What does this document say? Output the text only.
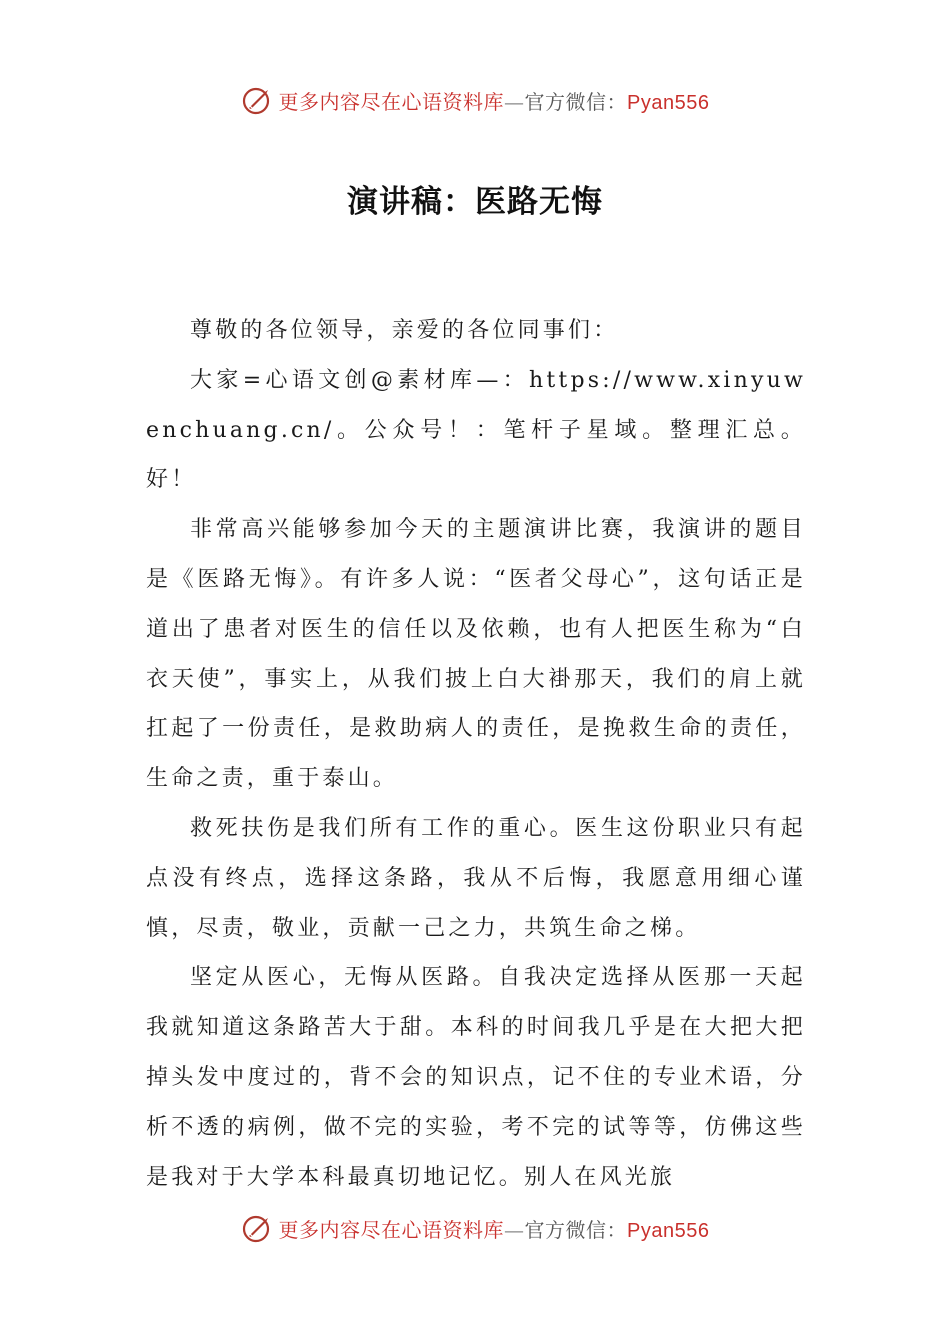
更多内容尽在心语资料库—官方微信：Pyan556
演讲稿：医路无悔

尊敬的各位领导，亲爱的各位同事们：

大家=心语文创@素材库—：https://www.xinyuwenchuang.cn/。公众号！：笔杆子星域。整理汇总。好！

非常高兴能够参加今天的主题演讲比赛，我演讲的题目是《医路无悔》。有许多人说：“医者父母心”，这句话正是道出了患者对医生的信任以及依赖，也有人把医生称为“白衣天使”，事实上，从我们披上白大褂那天，我们的肩上就扛起了一份责任，是救助病人的责任，是挽救生命的责任，生命之责，重于泰山。

救死扶伤是我们所有工作的重心。医生这份职业只有起点没有终点，选择这条路，我从不后悔，我愿意用细心谨慎，尽责，敬业，贡献一己之力，共筑生命之梯。

坚定从医心，无悔从医路。自我决定选择从医那一天起我就知道这条路苦大于甜。本科的时间我几乎是在大把大把掉头发中度过的，背不会的知识点，记不住的专业术语，分析不透的病例，做不完的实验，考不完的试等等，仿佛这些是我对于大学本科最真切地记忆。别人在风光旅

更多内容尽在心语资料库—官方微信：Pyan556
